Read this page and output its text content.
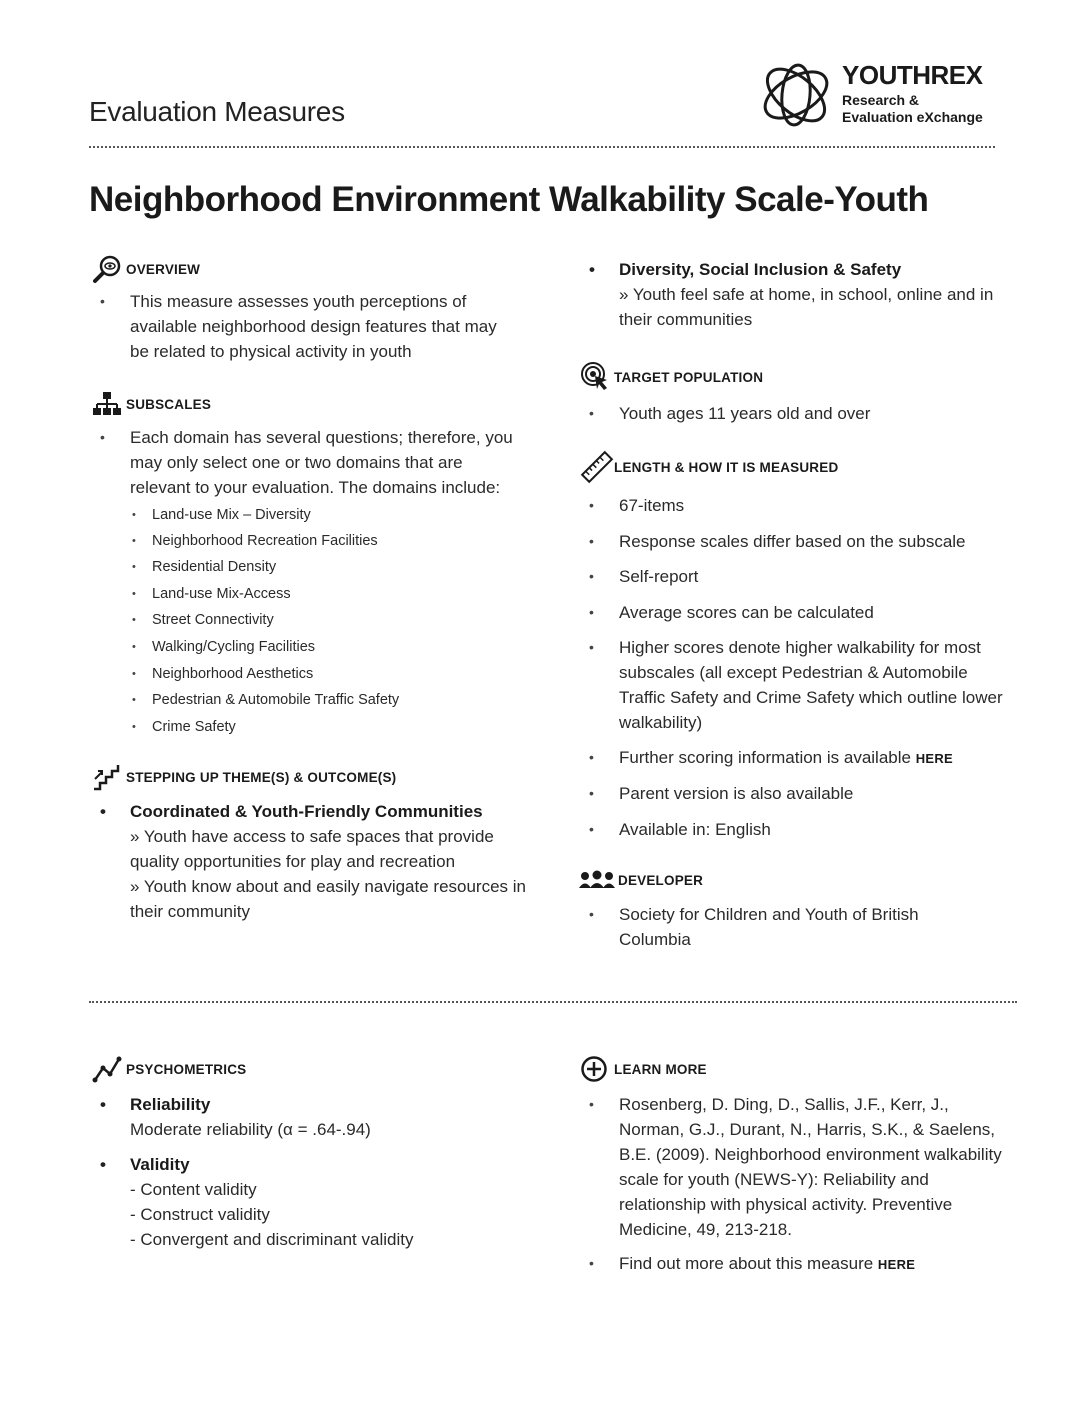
Evaluation Measures
YOUTHREX
Research &
Evaluation eXchange
Neighborhood Environment Walkability Scale-Youth
OVERVIEW
• This measure assesses youth perceptions of available neighborhood design features that may be related to physical activity in youth
SUBSCALES
• Each domain has several questions; therefore, you may only select one or two domains that are relevant to your evaluation. The domains include:
• Land-use Mix – Diversity
• Neighborhood Recreation Facilities
• Residential Density
• Land-use Mix-Access
• Street Connectivity
• Walking/Cycling Facilities
• Neighborhood Aesthetics
• Pedestrian & Automobile Traffic Safety
• Crime Safety
STEPPING UP THEME(S) & OUTCOME(S)
• Coordinated & Youth-Friendly Communities
» Youth have access to safe spaces that provide quality opportunities for play and recreation
» Youth know about and easily navigate resources in their community
• Diversity, Social Inclusion & Safety
» Youth feel safe at home, in school, online and in their communities
TARGET POPULATION
• Youth ages 11 years old and over
LENGTH & HOW IT IS MEASURED
• 67-items
• Response scales differ based on the subscale
• Self-report
• Average scores can be calculated
• Higher scores denote higher walkability for most subscales (all except Pedestrian & Automobile Traffic Safety and Crime Safety which outline lower walkability)
• Further scoring information is available HERE
• Parent version is also available
• Available in: English
DEVELOPER
• Society for Children and Youth of British Columbia
PSYCHOMETRICS
• Reliability
Moderate reliability (α = .64-.94)
• Validity
- Content validity
- Construct validity
- Convergent and discriminant validity
LEARN MORE
• Rosenberg, D. Ding, D., Sallis, J.F., Kerr, J., Norman, G.J., Durant, N., Harris, S.K., & Saelens, B.E. (2009). Neighborhood environment walkability scale for youth (NEWS-Y): Reliability and relationship with physical activity. Preventive Medicine, 49, 213-218.
• Find out more about this measure HERE
